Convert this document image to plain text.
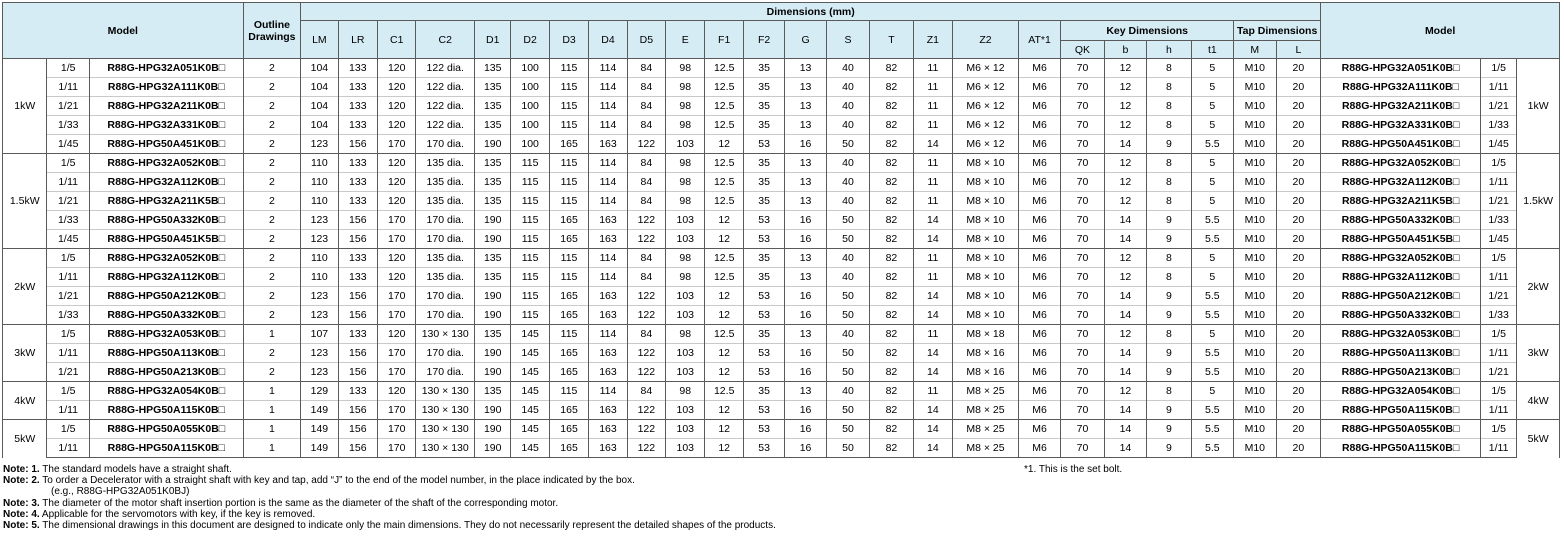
Model			Outline Drawings	Dimensions (mm)																								Model		
				LM	LR	C1	C2	D1	D2	D3	D4	D5	E	F1	F2	G	S	T	Z1	Z2	AT*1	Key Dimensions				Tap Dimensions				
																						QK	b	h	t1	M	L			
1kW	1/5	R88G-HPG32A051K0B□	2	104	133	120	122 dia.	135	100	115	114	84	98	12.5	35	13	40	82	11	M6 × 12	M6	70	12	8	5	M10	20	R88G-HPG32A051K0B□	1/5	1kW
	1/11	R88G-HPG32A111K0B□	2	104	133	120	122 dia.	135	100	115	114	84	98	12.5	35	13	40	82	11	M6 × 12	M6	70	12	8	5	M10	20	R88G-HPG32A111K0B□	1/11	
	1/21	R88G-HPG32A211K0B□	2	104	133	120	122 dia.	135	100	115	114	84	98	12.5	35	13	40	82	11	M6 × 12	M6	70	12	8	5	M10	20	R88G-HPG32A211K0B□	1/21	
	1/33	R88G-HPG32A331K0B□	2	104	133	120	122 dia.	135	100	115	114	84	98	12.5	35	13	40	82	11	M6 × 12	M6	70	12	8	5	M10	20	R88G-HPG32A331K0B□	1/33	
	1/45	R88G-HPG50A451K0B□	2	123	156	170	170 dia.	190	100	165	163	122	103	12	53	16	50	82	14	M6 × 12	M6	70	14	9	5.5	M10	20	R88G-HPG50A451K0B□	1/45	
1.5kW	1/5	R88G-HPG32A052K0B□	2	110	133	120	135 dia.	135	115	115	114	84	98	12.5	35	13	40	82	11	M8 × 10	M6	70	12	8	5	M10	20	R88G-HPG32A052K0B□	1/5	1.5kW
	1/11	R88G-HPG32A112K0B□	2	110	133	120	135 dia.	135	115	115	114	84	98	12.5	35	13	40	82	11	M8 × 10	M6	70	12	8	5	M10	20	R88G-HPG32A112K0B□	1/11	
	1/21	R88G-HPG32A211K5B□	2	110	133	120	135 dia.	135	115	115	114	84	98	12.5	35	13	40	82	11	M8 × 10	M6	70	12	8	5	M10	20	R88G-HPG32A211K5B□	1/21	
	1/33	R88G-HPG50A332K0B□	2	123	156	170	170 dia.	190	115	165	163	122	103	12	53	16	50	82	14	M8 × 10	M6	70	14	9	5.5	M10	20	R88G-HPG50A332K0B□	1/33	
	1/45	R88G-HPG50A451K5B□	2	123	156	170	170 dia.	190	115	165	163	122	103	12	53	16	50	82	14	M8 × 10	M6	70	14	9	5.5	M10	20	R88G-HPG50A451K5B□	1/45	
2kW	1/5	R88G-HPG32A052K0B□	2	110	133	120	135 dia.	135	115	115	114	84	98	12.5	35	13	40	82	11	M8 × 10	M6	70	12	8	5	M10	20	R88G-HPG32A052K0B□	1/5	2kW
	1/11	R88G-HPG32A112K0B□	2	110	133	120	135 dia.	135	115	115	114	84	98	12.5	35	13	40	82	11	M8 × 10	M6	70	12	8	5	M10	20	R88G-HPG32A112K0B□	1/11	
	1/21	R88G-HPG50A212K0B□	2	123	156	170	170 dia.	190	115	165	163	122	103	12	53	16	50	82	14	M8 × 10	M6	70	14	9	5.5	M10	20	R88G-HPG50A212K0B□	1/21	
	1/33	R88G-HPG50A332K0B□	2	123	156	170	170 dia.	190	115	165	163	122	103	12	53	16	50	82	14	M8 × 10	M6	70	14	9	5.5	M10	20	R88G-HPG50A332K0B□	1/33	
3kW	1/5	R88G-HPG32A053K0B□	1	107	133	120	130 × 130	135	145	115	114	84	98	12.5	35	13	40	82	11	M8 × 18	M6	70	12	8	5	M10	20	R88G-HPG32A053K0B□	1/5	3kW
	1/11	R88G-HPG50A113K0B□	2	123	156	170	170 dia.	190	145	165	163	122	103	12	53	16	50	82	14	M8 × 16	M6	70	14	9	5.5	M10	20	R88G-HPG50A113K0B□	1/11	
	1/21	R88G-HPG50A213K0B□	2	123	156	170	170 dia.	190	145	165	163	122	103	12	53	16	50	82	14	M8 × 16	M6	70	14	9	5.5	M10	20	R88G-HPG50A213K0B□	1/21	
4kW	1/5	R88G-HPG32A054K0B□	1	129	133	120	130 × 130	135	145	115	114	84	98	12.5	35	13	40	82	11	M8 × 25	M6	70	12	8	5	M10	20	R88G-HPG32A054K0B□	1/5	4kW
	1/11	R88G-HPG50A115K0B□	1	149	156	170	130 × 130	190	145	165	163	122	103	12	53	16	50	82	14	M8 × 25	M6	70	14	9	5.5	M10	20	R88G-HPG50A115K0B□	1/11	
5kW	1/5	R88G-HPG50A055K0B□	1	149	156	170	130 × 130	190	145	165	163	122	103	12	53	16	50	82	14	M8 × 25	M6	70	14	9	5.5	M10	20	R88G-HPG50A055K0B□	1/5	5kW
	1/11	R88G-HPG50A115K0B□	1	149	156	170	130 × 130	190	145	165	163	122	103	12	53	16	50	82	14	M8 × 25	M6	70	14	9	5.5	M10	20	R88G-HPG50A115K0B□	1/11	
Note: 1. The standard models have a straight shaft.
Note: 2. To order a Decelerator with a straight shaft with key and tap, add “J” to the end of the model number, in the place indicated by the box.
(e.g., R88G-HPG32A051K0BJ)
Note: 3. The diameter of the motor shaft insertion portion is the same as the diameter of the shaft of the corresponding motor.
Note: 4. Applicable for the servomotors with key, if the key is removed.
Note: 5. The dimensional drawings in this document are designed to indicate only the main dimensions. They do not necessarily represent the detailed shapes of the products.
*1. This is the set bolt.
